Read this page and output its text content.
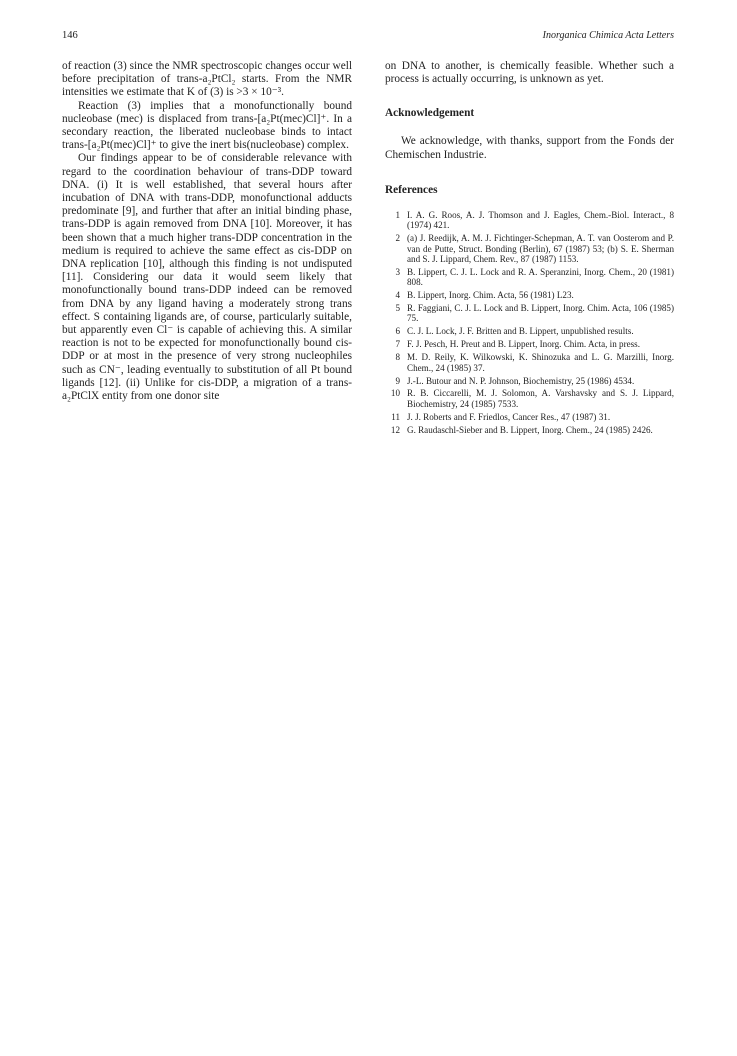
146	Inorganica Chimica Acta Letters

of reaction (3) since the NMR spectroscopic changes occur well before precipitation of trans-a₂PtCl₂ starts. From the NMR intensities we estimate that K of (3) is >3 × 10⁻³.

Reaction (3) implies that a monofunctionally bound nucleobase (mec) is displaced from trans-[a₂Pt(mec)Cl]⁺. In a secondary reaction, the liberated nucleobase binds to intact trans-[a₂Pt(mec)Cl]⁺ to give the inert bis(nucleobase) complex.

Our findings appear to be of considerable relevance with regard to the coordination behaviour of trans-DDP toward DNA. (i) It is well established, that several hours after incubation of DNA with trans-DDP, monofunctional adducts predominate [9], and further that after an initial binding phase, trans-DDP is again removed from DNA [10]. Moreover, it has been shown that a much higher trans-DDP concentration in the medium is required to achieve the same effect as cis-DDP on DNA replication [10], although this finding is not undisputed [11]. Considering our data it would seem likely that monofunctionally bound trans-DDP indeed can be removed from DNA by any ligand having a moderately strong trans effect. S containing ligands are, of course, particularly suitable, but apparently even Cl⁻ is capable of achieving this. A similar reaction is not to be expected for monofunctionally bound cis-DDP or at most in the presence of very strong nucleophiles such as CN⁻, leading eventually to substitution of all Pt bound ligands [12]. (ii) Unlike for cis-DDP, a migration of a trans-a₂PtClX entity from one donor site

on DNA to another, is chemically feasible. Whether such a process is actually occurring, is unknown as yet.

Acknowledgement

We acknowledge, with thanks, support from the Fonds der Chemischen Industrie.

References
1 I. A. G. Roos, A. J. Thomson and J. Eagles, Chem.-Biol. Interact., 8 (1974) 421.
2 (a) J. Reedijk, A. M. J. Fichtinger-Schepman, A. T. van Oosterom and P. van de Putte, Struct. Bonding (Berlin), 67 (1987) 53; (b) S. E. Sherman and S. J. Lippard, Chem. Rev., 87 (1987) 1153.
3 B. Lippert, C. J. L. Lock and R. A. Speranzini, Inorg. Chem., 20 (1981) 808.
4 B. Lippert, Inorg. Chim. Acta, 56 (1981) L23.
5 R. Faggiani, C. J. L. Lock and B. Lippert, Inorg. Chim. Acta, 106 (1985) 75.
6 C. J. L. Lock, J. F. Britten and B. Lippert, unpublished results.
7 F. J. Pesch, H. Preut and B. Lippert, Inorg. Chim. Acta, in press.
8 M. D. Reily, K. Wilkowski, K. Shinozuka and L. G. Marzilli, Inorg. Chem., 24 (1985) 37.
9 J.-L. Butour and N. P. Johnson, Biochemistry, 25 (1986) 4534.
10 R. B. Ciccarelli, M. J. Solomon, A. Varshavsky and S. J. Lippard, Biochemistry, 24 (1985) 7533.
11 J. J. Roberts and F. Friedlos, Cancer Res., 47 (1987) 31.
12 G. Raudaschl-Sieber and B. Lippert, Inorg. Chem., 24 (1985) 2426.
